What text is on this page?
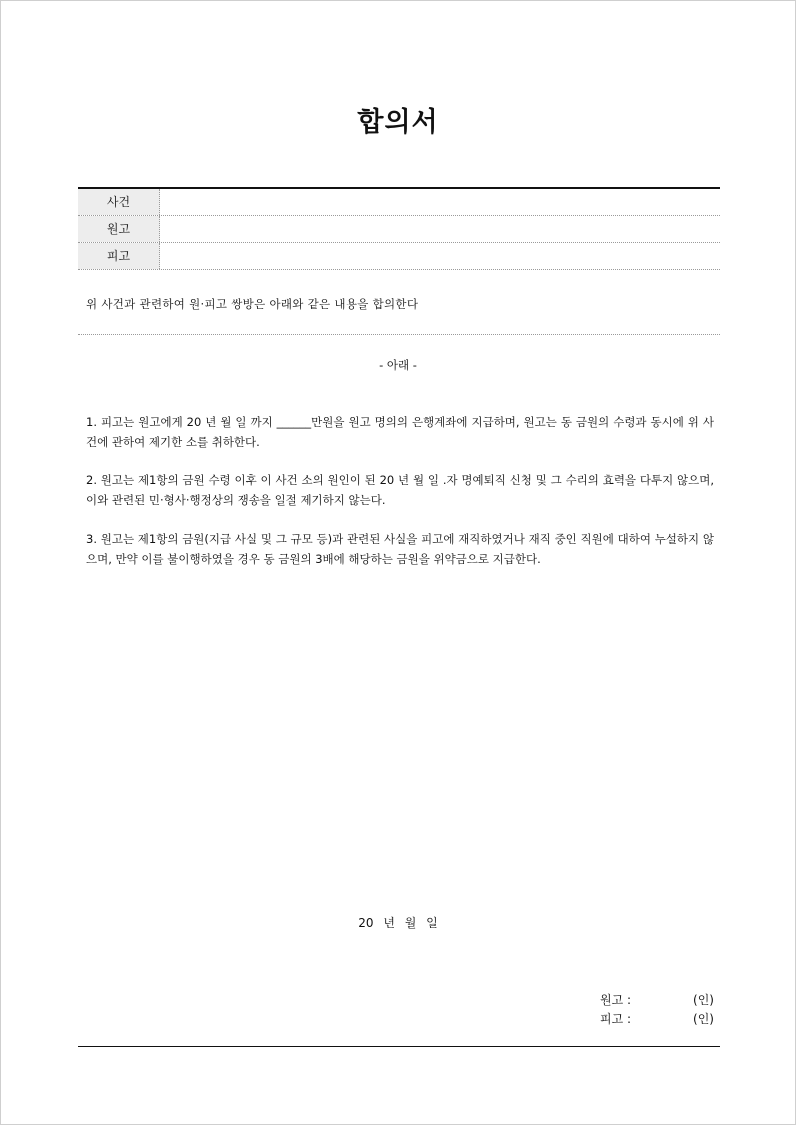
합의서
사건
원고
피고
위 사건과 관련하여 원·피고 쌍방은 아래와 같은 내용을 합의한다
- 아래 -
1. 피고는 원고에게 20 년 월 일 까지 ______만원을 원고 명의의 은행계좌에 지급하며, 원고는 동 금원의 수령과 동시에 위 사건에 관하여 제기한 소를 취하한다.
2. 원고는 제1항의 금원 수령 이후 이 사건 소의 원인이 된 20 년 월 일 .자 명예퇴직 신청 및 그 수리의 효력을 다투지 않으며, 이와 관련된 민·형사·행정상의 쟁송을 일절 제기하지 않는다.
3. 원고는 제1항의 금원(지급 사실 및 그 규모 등)과 관련된 사실을 피고에 재직하였거나 재직 중인 직원에 대하여 누설하지 않으며, 만약 이를 불이행하였을 경우 동 금원의 3배에 해당하는 금원을 위약금으로 지급한다.
20 년 월 일
원고 :	(인)
피고 :	(인)
